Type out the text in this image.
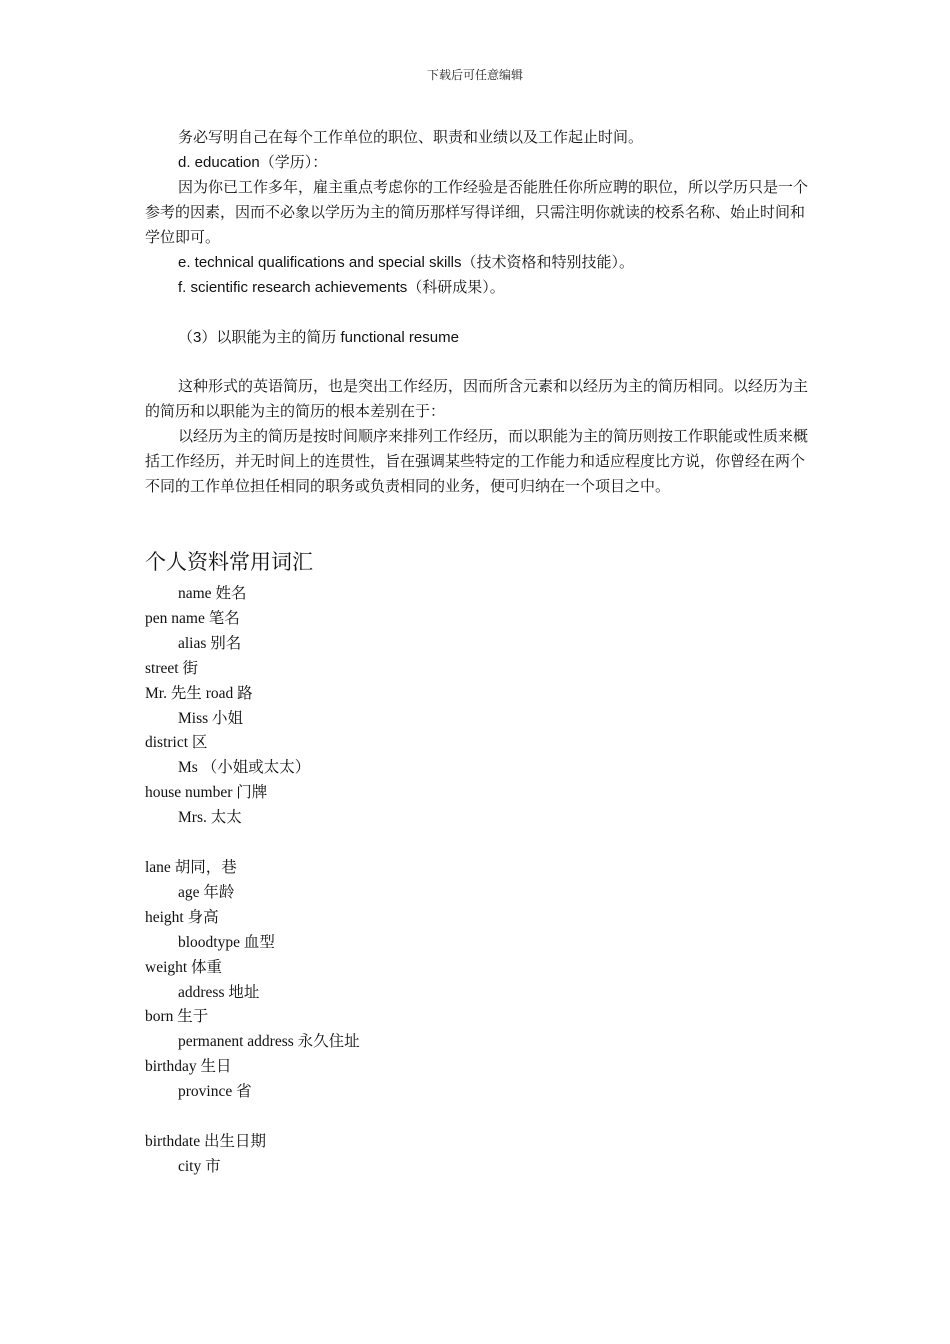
下载后可任意编辑

务必写明自己在每个工作单位的职位、职责和业绩以及工作起止时间。

d. education（学历）：

因为你已工作多年，雇主重点考虑你的工作经验是否能胜任你所应聘的职位，所以学历只是一个参考的因素，因而不必象以学历为主的简历那样写得详细，只需注明你就读的校系名称、始止时间和学位即可。

e. technical qualifications and special skills（技术资格和特别技能）。

f. scientific research achievements（科研成果）。

（3）以职能为主的简历 functional resume

这种形式的英语简历，也是突出工作经历，因而所含元素和以经历为主的简历相同。以经历为主的简历和以职能为主的简历的根本差别在于：

以经历为主的简历是按时间顺序来排列工作经历，而以职能为主的简历则按工作职能或性质来概括工作经历，并无时间上的连贯性，旨在强调某些特定的工作能力和适应程度比方说，你曾经在两个不同的工作单位担任相同的职务或负责相同的业务，便可归纳在一个项目之中。

个人资料常用词汇
name 姓名
pen name 笔名
alias 别名
street 街
Mr. 先生 road 路
Miss 小姐
district 区
Ms （小姐或太太）
house number 门牌
Mrs. 太太

lane 胡同，巷
age 年龄
height 身高
bloodtype 血型
weight 体重
address 地址
born 生于
permanent address 永久住址
birthday 生日
province 省

birthdate 出生日期
city 市
